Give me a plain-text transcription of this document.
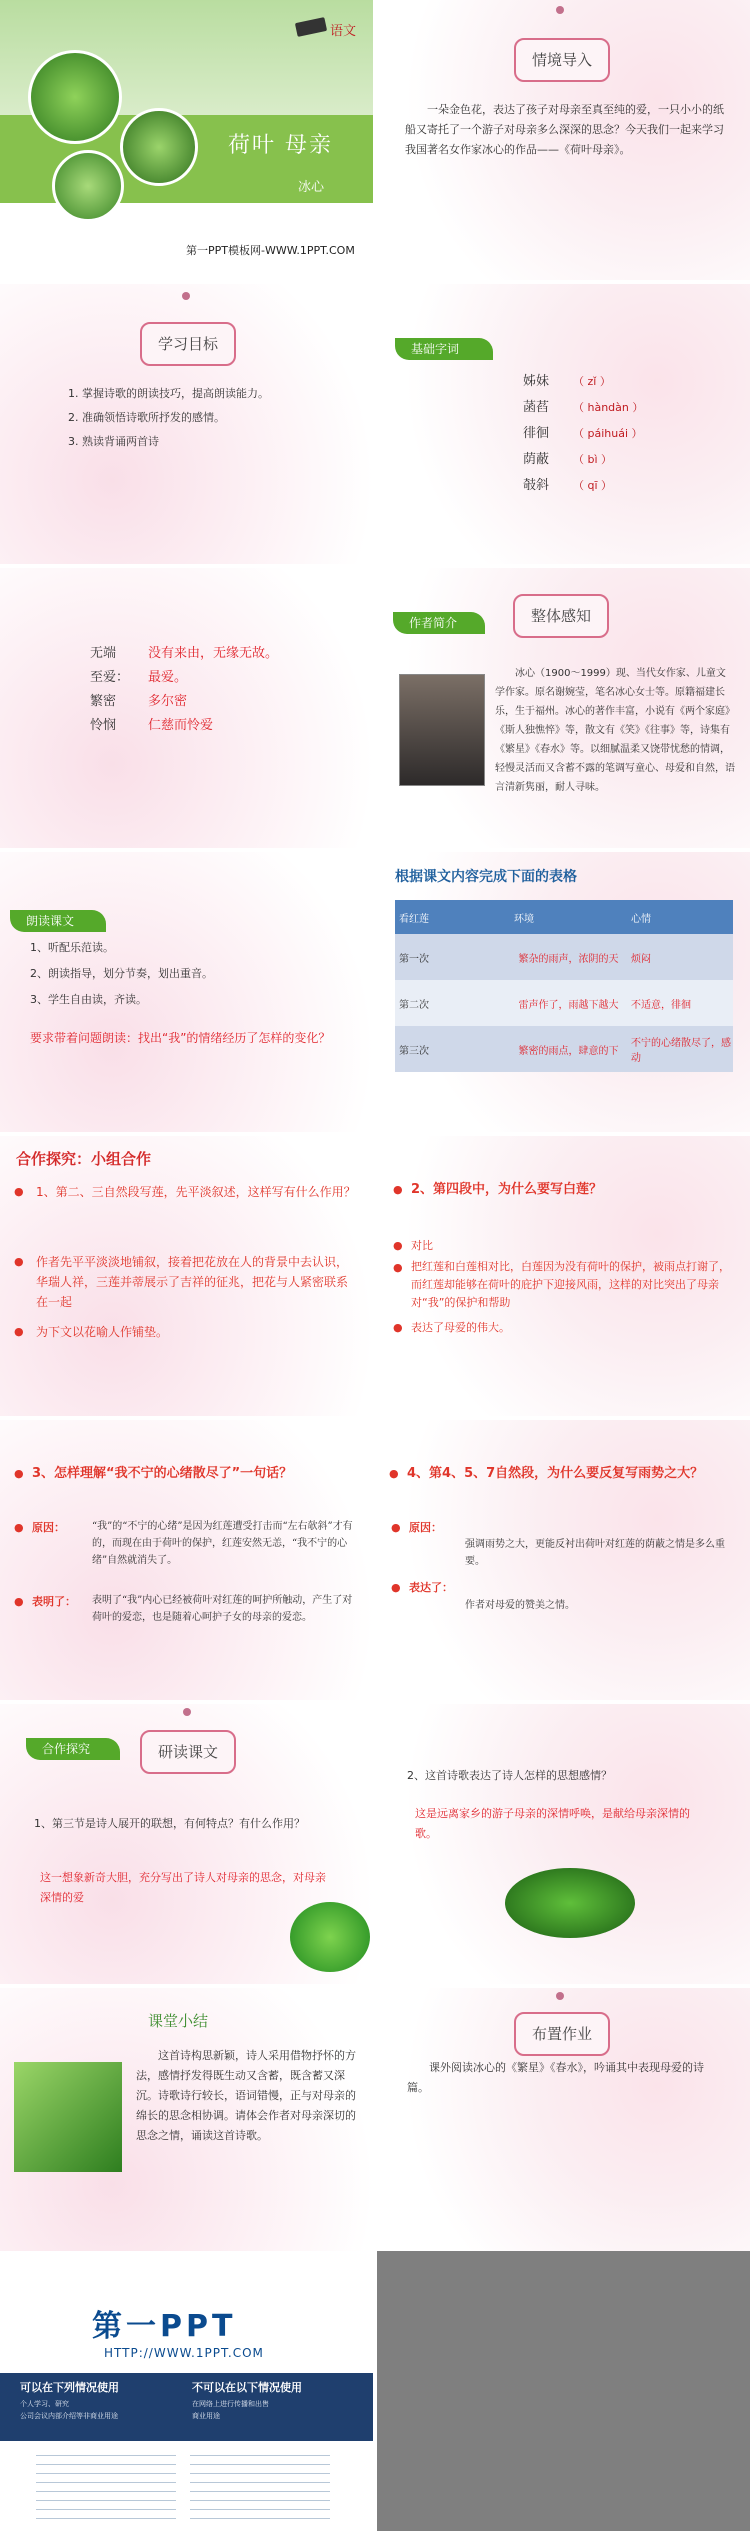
语文
荷叶 母亲
冰心
第一PPT模板网-WWW.1PPT.COM
情境导入
一朵金色花，表达了孩子对母亲至真至纯的爱，一只小小的纸船又寄托了一个游子对母亲多么深深的思念？今天我们一起来学习我国著名女作家冰心的作品——《荷叶母亲》。
学习目标
1. 掌握诗歌的朗读技巧，提高朗读能力。
2. 准确领悟诗歌所抒发的感情。
3. 熟读背诵两首诗
基础字词
姊妹 （ zǐ ）
菡萏 （ hàndàn ）
徘徊 （ páihuái ）
荫蔽 （ bì ）
攲斜 （ qī ）
无端 没有来由，无缘无故。
至爱： 最爱。
繁密 多尔密
怜悯 仁慈而怜爱
作者简介	整体感知
冰心（1900～1999）现、当代女作家、儿童文学作家。原名谢婉莹，笔名冰心女士等。原籍福建长乐，生于福州。冰心的著作丰富，小说有《两个家庭》《斯人独憔悴》等，散文有《笑》《往事》等，诗集有《繁星》《春水》等。以细腻温柔又饶带忧愁的情调，轻慢灵活而又含蓄不露的笔调写童心、母爱和自然，语言清新隽丽，耐人寻味。
朗读课文
1、听配乐范读。
2、朗读指导，划分节奏，划出重音。
3、学生自由读，齐读。
要求带着问题朗读：找出“我”的情绪经历了怎样的变化？
根据课文内容完成下面的表格
看红莲	环境	心情
第一次	繁杂的雨声，浓阴的天	烦闷
第二次	雷声作了，雨越下越大	不适意，徘徊
第三次	繁密的雨点，肆意的下	不宁的心绪散尽了，感动
合作探究：小组合作
● 1、第二、三自然段写莲，先平淡叙述，这样写有什么作用？
● 作者先平平淡淡地铺叙，接着把花放在人的背景中去认识，华瑞人祥，三莲并蒂展示了吉祥的征兆，把花与人紧密联系在一起
● 为下文以花喻人作铺垫。
● 2、第四段中，为什么要写白莲？
● 对比
● 把红莲和白莲相对比，白莲因为没有荷叶的保护，被雨点打谢了，而红莲却能够在荷叶的庇护下迎接风雨，这样的对比突出了母亲对“我”的保护和帮助
● 表达了母爱的伟大。
● 3、怎样理解“我不宁的心绪散尽了”一句话？
● 原因：	“我”的“不宁的心绪”是因为红莲遭受打击而“左右欹斜”才有的，而现在由于荷叶的保护，红莲安然无恙，“我不宁的心绪”自然就消失了。
● 表明了： 表明了“我”内心已经被荷叶对红莲的呵护所触动，产生了对荷叶的爱恋，也是随着心呵护子女的母亲的爱恋。
● 4、第4、5、7自然段，为什么要反复写雨势之大？
● 原因：
强调雨势之大，更能反衬出荷叶对红莲的荫蔽之情是多么重要。
● 表达了：
作者对母爱的赞美之情。
合作探究	研读课文
1、第三节是诗人展开的联想，有何特点？有什么作用？
这一想象新奇大胆，充分写出了诗人对母亲的思念，对母亲深情的爱
2、这首诗歌表达了诗人怎样的思想感情？
这是远离家乡的游子母亲的深情呼唤，是献给母亲深情的歌。
课堂小结
这首诗构思新颖，诗人采用借物抒怀的方法，感情抒发得既生动又含蓄，既含蓄又深沉。诗歌诗行较长，语词错慢，正与对母亲的绵长的思念相协调。请体会作者对母亲深切的思念之情，诵读这首诗歌。
布置作业
课外阅读冰心的《繁星》《春水》，吟诵其中表现母爱的诗篇。
第一PPT
HTTP://WWW.1PPT.COM
可以在下列情况使用
个人学习、研究
公司会议内部介绍等非商业用途
不可以在以下情况使用
在网络上进行传播和出售
商业用途
